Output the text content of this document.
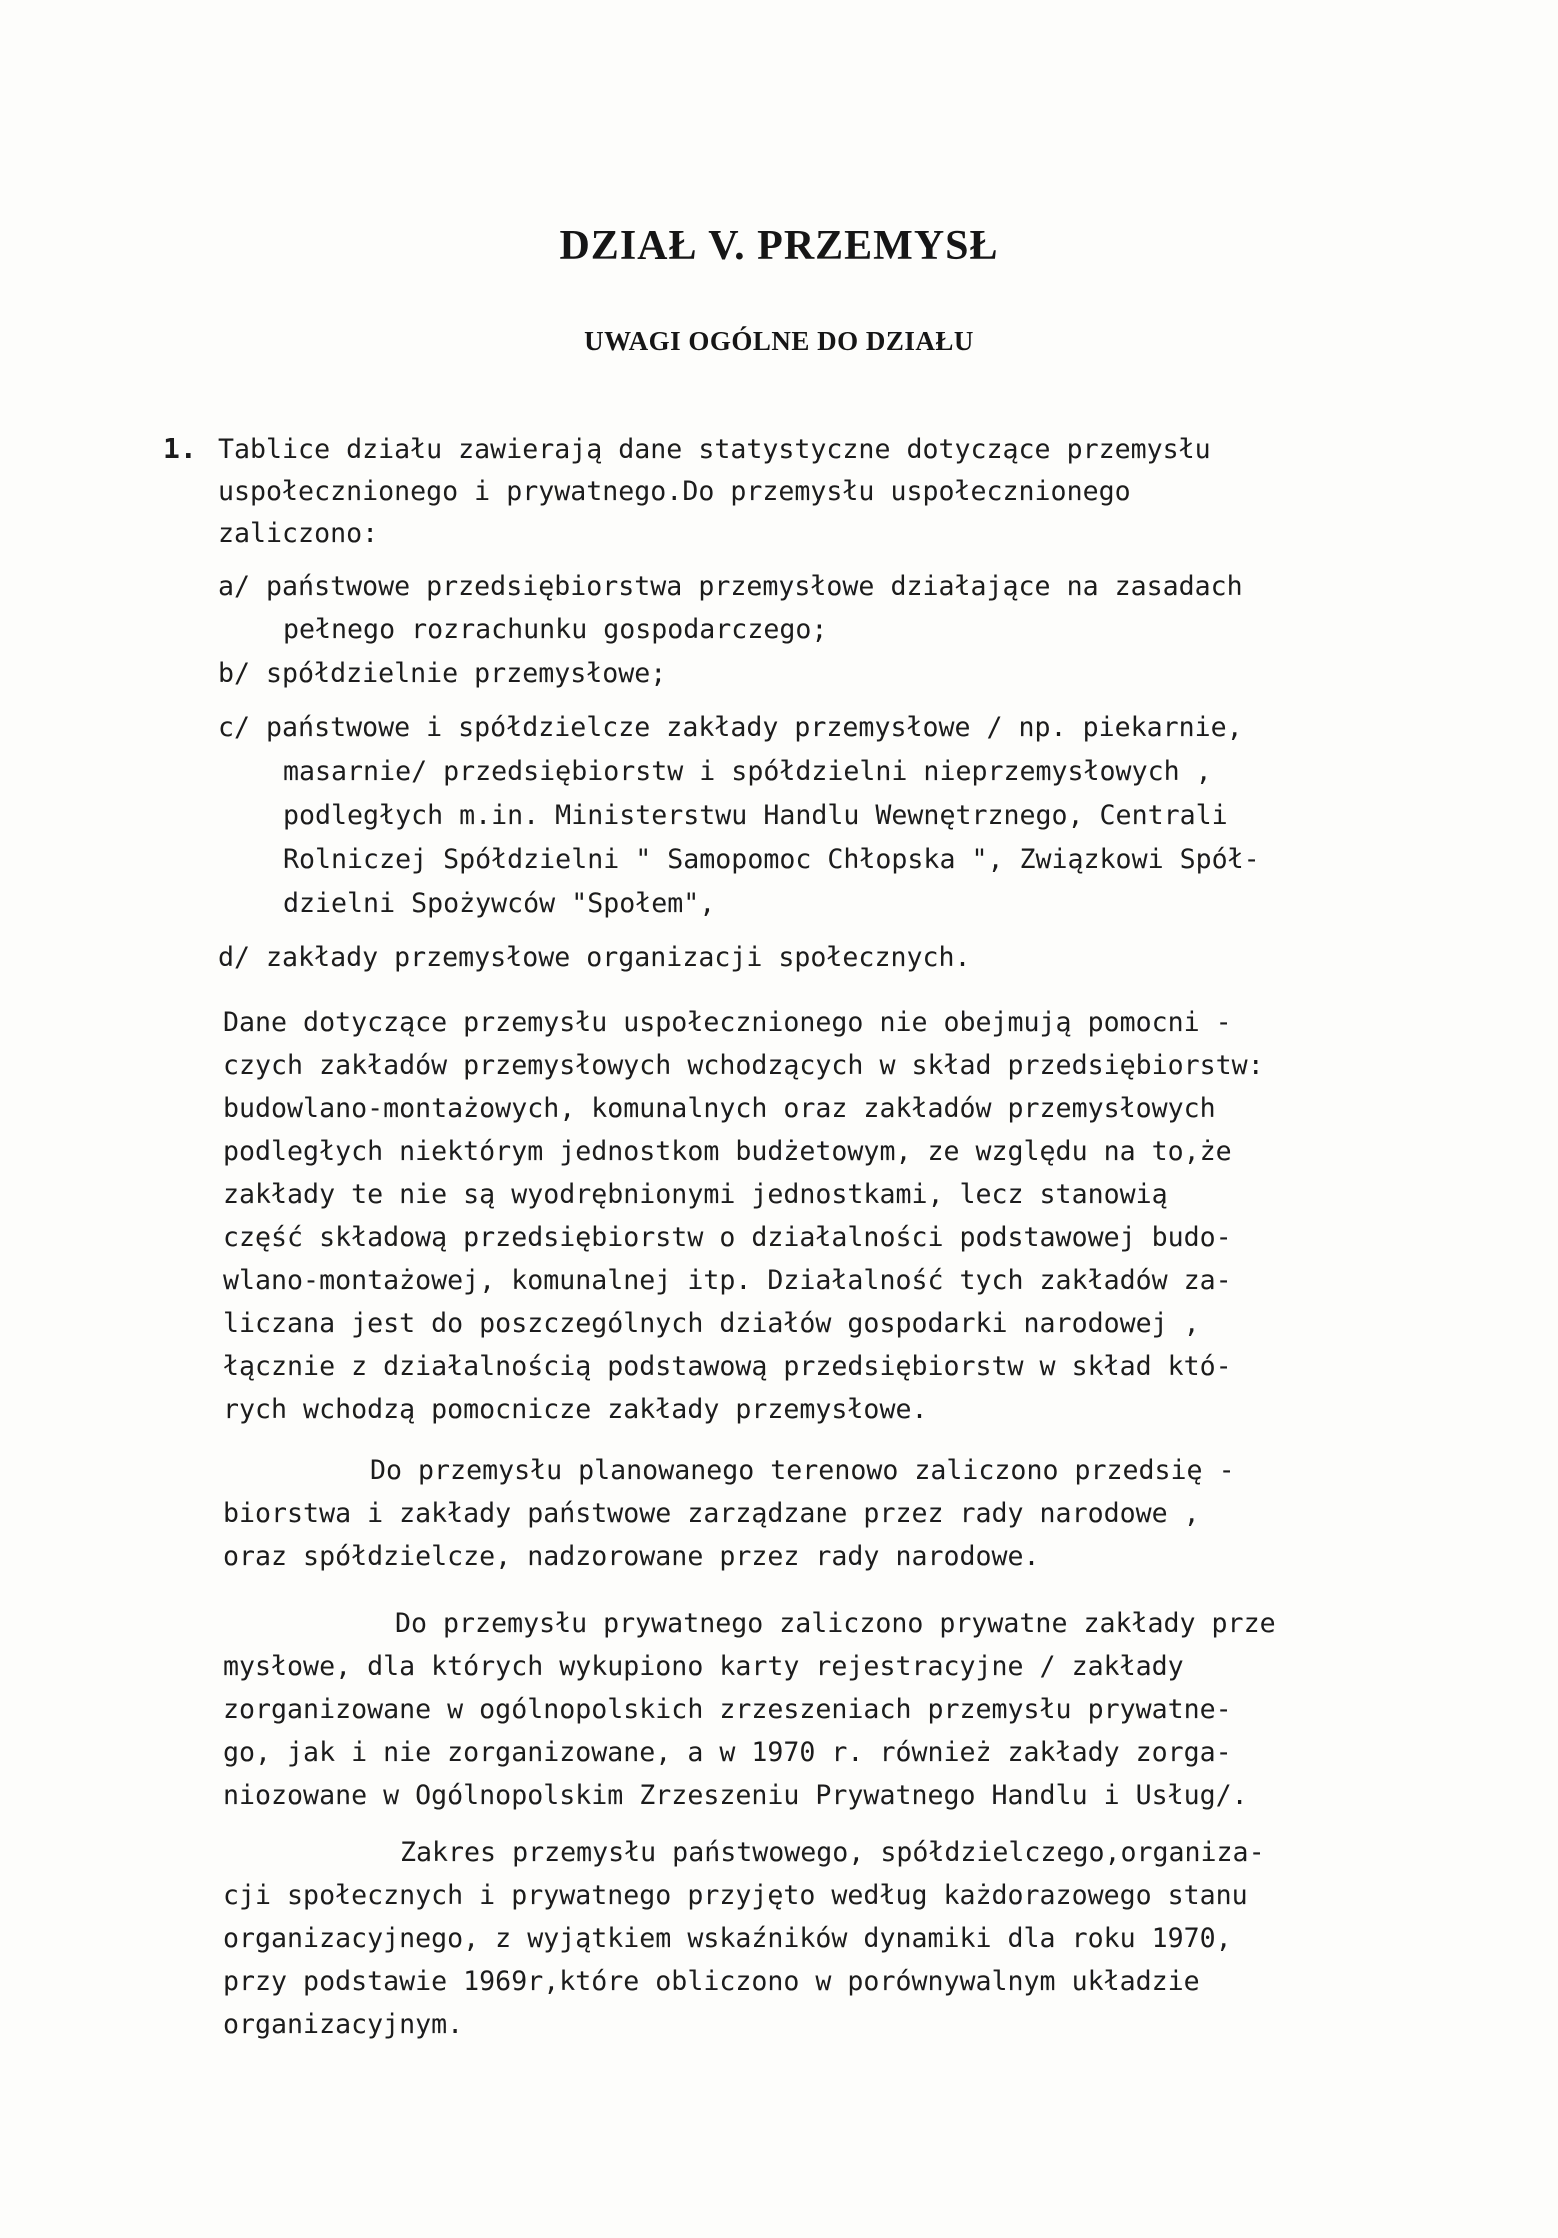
DZIAŁ V. PRZEMYSŁ
UWAGI OGÓLNE DO DZIAŁU
1. Tablice działu zawierają dane statystyczne dotyczące przemysłu
uspołecznionego i prywatnego.Do przemysłu uspołecznionego
zaliczono:
a/ państwowe przedsiębiorstwa przemysłowe działające na zasadach
pełnego rozrachunku gospodarczego;
b/ spółdzielnie przemysłowe;
c/ państwowe i spółdzielcze zakłady przemysłowe / np. piekarnie,
masarnie/ przedsiębiorstw i spółdzielni nieprzemysłowych ,
podległych m.in. Ministerstwu Handlu Wewnętrznego, Centrali
Rolniczej Spółdzielni " Samopomoc Chłopska ", Związkowi Spół-
dzielni Spożywców "Społem",
d/ zakłady przemysłowe organizacji społecznych.
Dane dotyczące przemysłu uspołecznionego nie obejmują pomocni -
czych zakładów przemysłowych wchodzących w skład przedsiębiorstw:
budowlano-montażowych, komunalnych oraz zakładów przemysłowych
podległych niektórym jednostkom budżetowym, ze względu na to,że
zakłady te nie są wyodrębnionymi jednostkami, lecz stanowią
część składową przedsiębiorstw o działalności podstawowej budo-
wlano-montażowej, komunalnej itp. Działalność tych zakładów za-
liczana jest do poszczególnych działów gospodarki narodowej ,
łącznie z działalnością podstawową przedsiębiorstw w skład któ-
rych wchodzą pomocnicze zakłady przemysłowe.
Do przemysłu planowanego terenowo zaliczono przedsię -
biorstwa i zakłady państwowe zarządzane przez rady narodowe ,
oraz spółdzielcze, nadzorowane przez rady narodowe.
Do przemysłu prywatnego zaliczono prywatne zakłady prze
mysłowe, dla których wykupiono karty rejestracyjne / zakłady
zorganizowane w ogólnopolskich zrzeszeniach przemysłu prywatne-
go, jak i nie zorganizowane, a w 1970 r. również zakłady zorga-
niozowane w Ogólnopolskim Zrzeszeniu Prywatnego Handlu i Usług/.
Zakres przemysłu państwowego, spółdzielczego,organiza-
cji społecznych i prywatnego przyjęto według każdorazowego stanu
organizacyjnego, z wyjątkiem wskaźników dynamiki dla roku 1970,
przy podstawie 1969r,które obliczono w porównywalnym układzie
organizacyjnym.
